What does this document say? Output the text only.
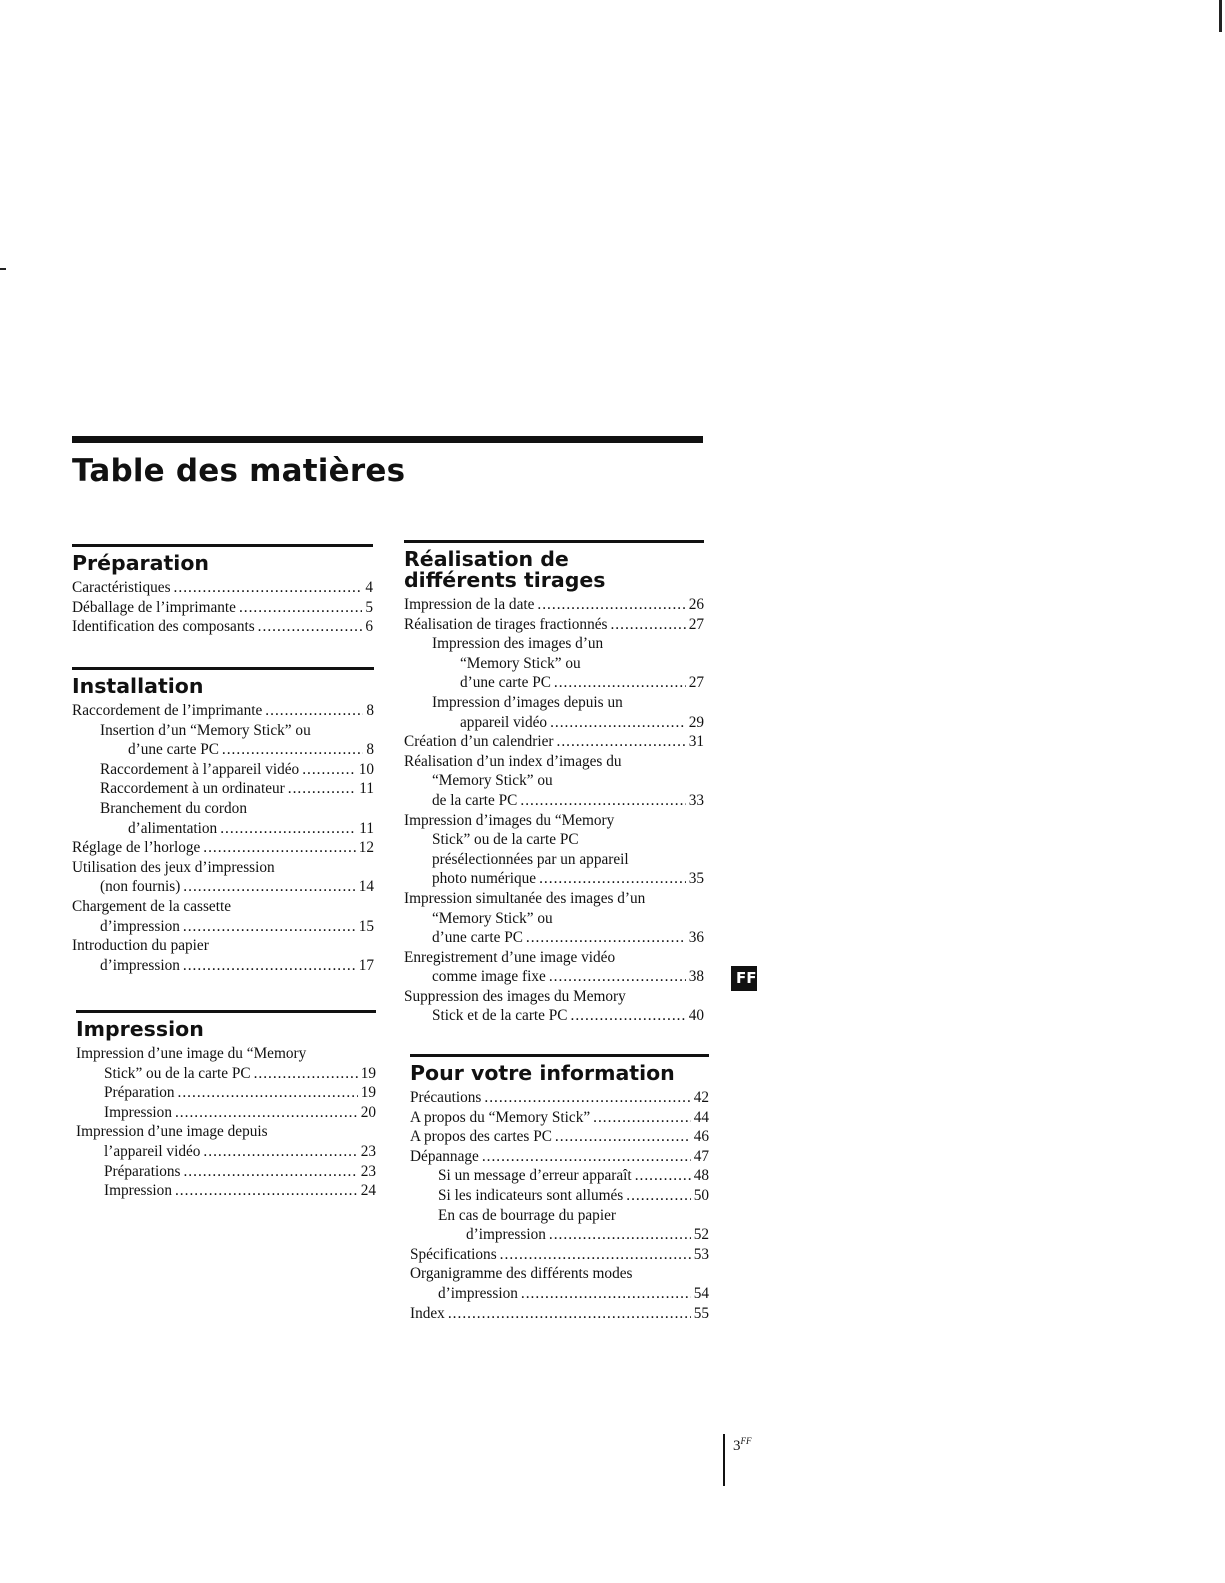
Table des matières
Préparation
Caractéristiques .....	4
Déballage de l’imprimante .....	5
Identification des composants .....	6
Installation
Raccordement de l’imprimante .....	8
Insertion d’un “Memory Stick” ou
d’une carte PC .....	8
Raccordement à l’appareil vidéo .....	10
Raccordement à un ordinateur .....	11
Branchement du cordon
d’alimentation .....	11
Réglage de l’horloge .....	12
Utilisation des jeux d’impression
(non fournis) .....	14
Chargement de la cassette
d’impression .....	15
Introduction du papier
d’impression .....	17
Impression
Impression d’une image du “Memory
Stick” ou de la carte PC .....	19
Préparation .....	19
Impression .....	20
Impression d’une image depuis
l’appareil vidéo .....	23
Préparations .....	23
Impression .....	24
Réalisation de différents tirages
Impression de la date .....	26
Réalisation de tirages fractionnés .....	27
Impression des images d’un
“Memory Stick” ou
d’une carte PC .....	27
Impression d’images depuis un
appareil vidéo .....	29
Création d’un calendrier .....	31
Réalisation d’un index d’images du
“Memory Stick” ou
de la carte PC .....	33
Impression d’images du “Memory
Stick” ou de la carte PC
présélectionnées par un appareil
photo numérique .....	35
Impression simultanée des images d’un
“Memory Stick” ou
d’une carte PC .....	36
Enregistrement d’une image vidéo
comme image fixe .....	38
Suppression des images du Memory
Stick et de la carte PC .....	40
Pour votre information
Précautions .....	42
A propos du “Memory Stick” .....	44
A propos des cartes PC .....	46
Dépannage .....	47
Si un message d’erreur apparaît .....	48
Si les indicateurs sont allumés .....	50
En cas de bourrage du papier
d’impression .....	52
Spécifications .....	53
Organigramme des différents modes
d’impression .....	54
Index .....	55
FF
$3^{FF}$
